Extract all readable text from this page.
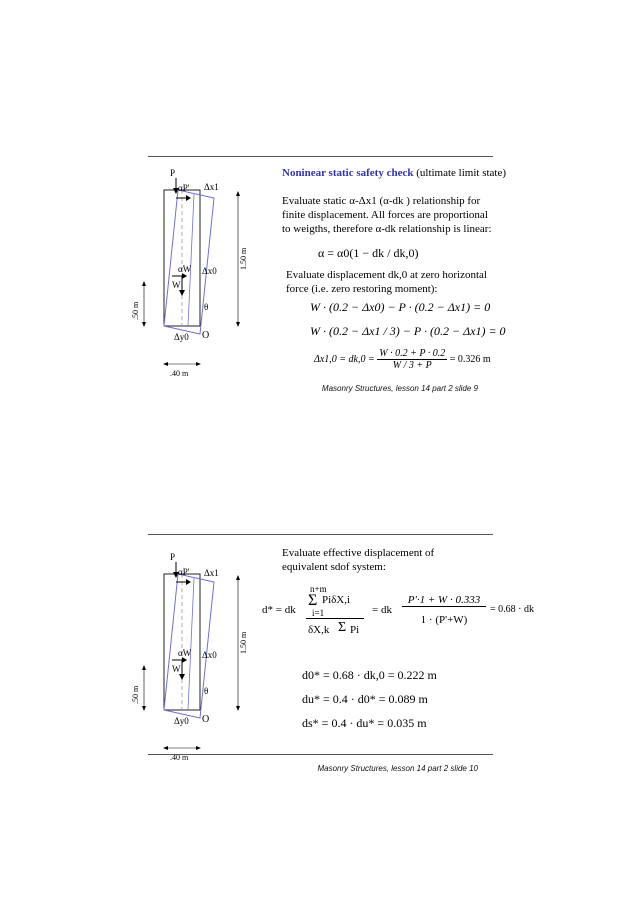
P
αP' Δx1
Δx0
αW
W
θ
Δy0 O
1.50 m
.50 m
.40 m
Noninear static safety check (ultimate limit state)
Evaluate static α-Δx1 (α-dk ) relationship for finite displacement. All forces are proportional to weigths, therefore α-dk relationship is linear:
α = α0(1 − dk / dk,0)
Evaluate displacement dk,0 at zero horizontal force (i.e. zero restoring moment):
W · (0.2 − Δx0) − P · (0.2 − Δx1) = 0
W · (0.2 − Δx1 / 3) − P · (0.2 − Δx1) = 0
$\Delta x1,0 = dk,0 = \frac{W \cdot 0.2 + P \cdot 0.2}{W / 3 + P} = 0.326$ m
Masonry Structures, lesson 14 part 2 slide 9
P
αP' Δx1
Δx0
αW
W
θ
Δy0 O
1.50 m
.50 m
.40 m
Evaluate effective displacement of equivalent sdof system:
d* = dk
n+m
Σ PiδX,i
i=1
δX,k Σ Pi
= dk
P'·1 + W · 0.333
1 · (P'+W)
= 0.68 · dk
d0* = 0.68 · dk,0 = 0.222 m
du* = 0.4 · d0* = 0.089 m
ds* = 0.4 · du* = 0.035 m
Masonry Structures, lesson 14 part 2 slide 10
